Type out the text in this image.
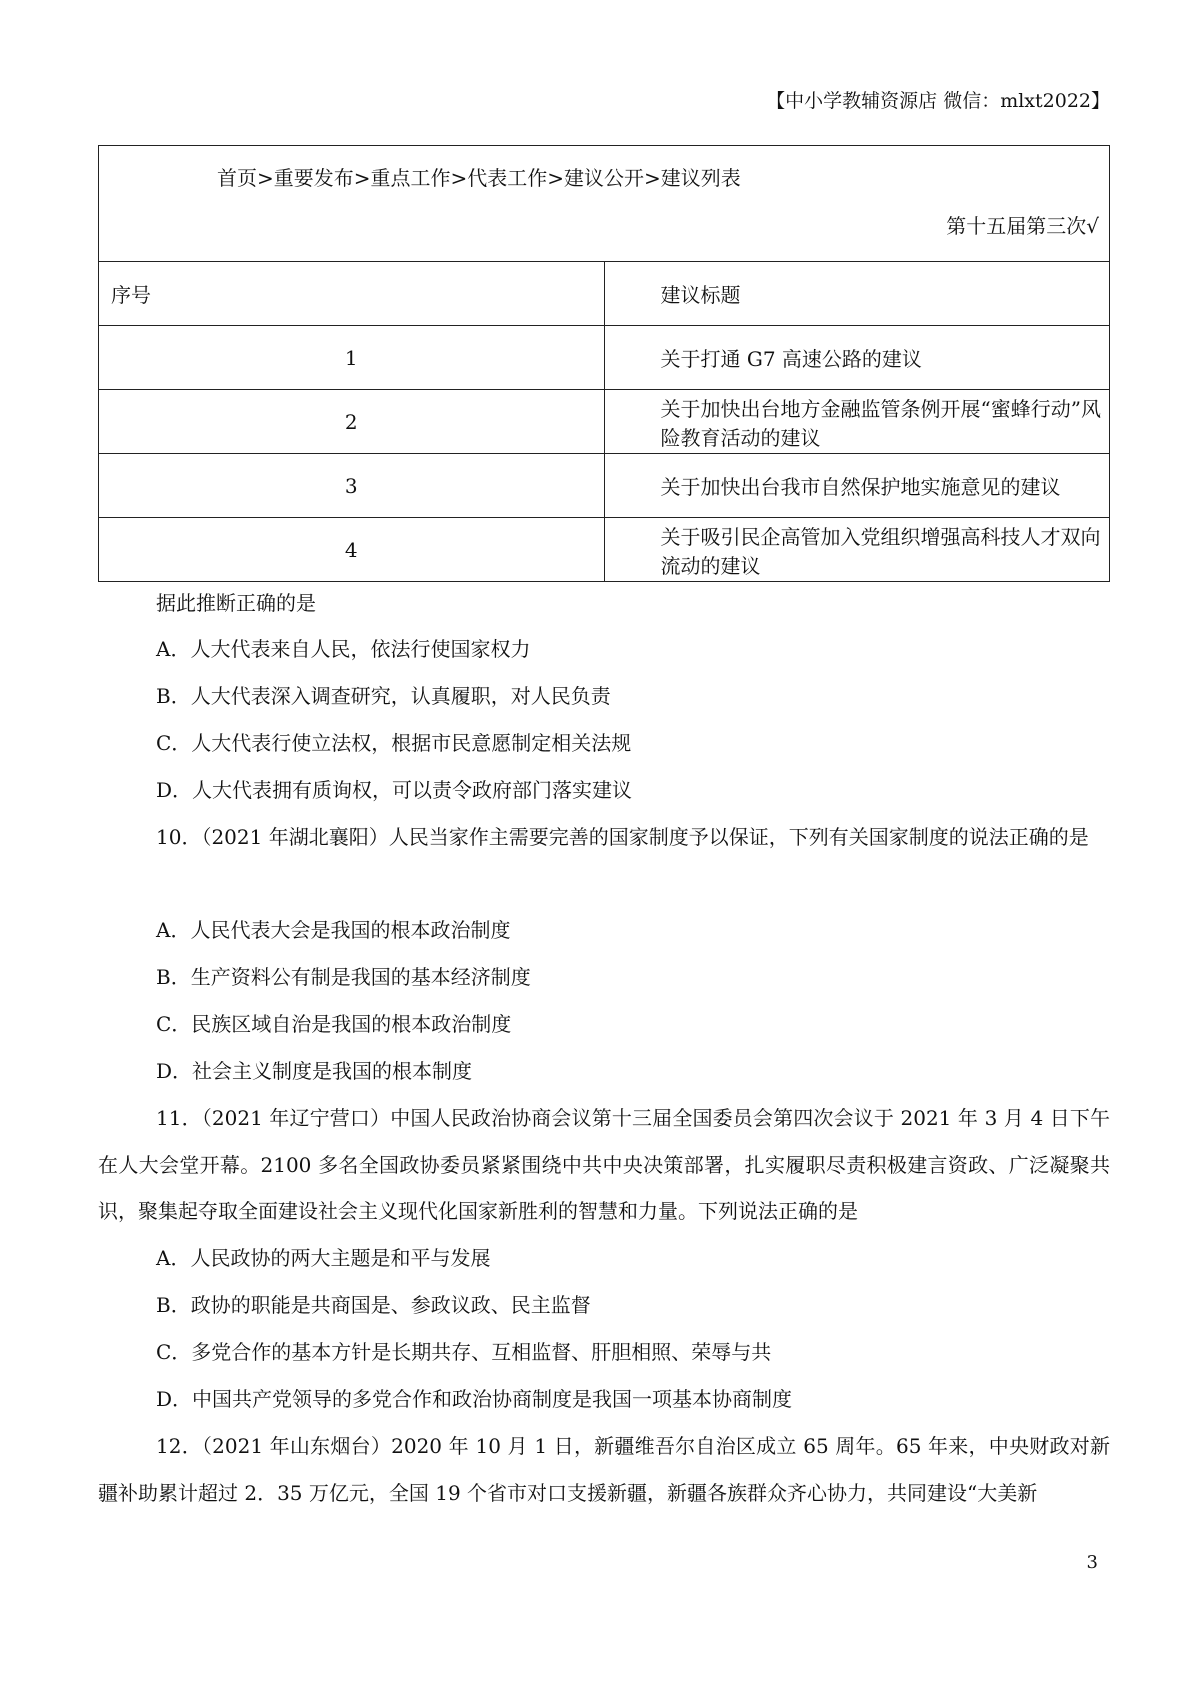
【中小学教辅资源店 微信：mlxt2022】
首页>重要发布>重点工作>代表工作>建议公开>建议列表
第十五届第三次√	

序号	建议标题
1	关于打通 G7 高速公路的建议
2	关于加快出台地方金融监管条例开展“蜜蜂行动”风险教育活动的建议
3	关于加快出台我市自然保护地实施意见的建议
4	关于吸引民企高管加入党组织增强高科技人才双向流动的建议
据此推断正确的是
A．人大代表来自人民，依法行使国家权力
B．人大代表深入调查研究，认真履职，对人民负责
C．人大代表行使立法权，根据市民意愿制定相关法规
D．人大代表拥有质询权，可以责令政府部门落实建议
10．（2021 年湖北襄阳）人民当家作主需要完善的国家制度予以保证，下列有关国家制度的说法正确的是
A．人民代表大会是我国的根本政治制度
B．生产资料公有制是我国的基本经济制度
C．民族区域自治是我国的根本政治制度
D．社会主义制度是我国的根本制度
11．（2021 年辽宁营口）中国人民政治协商会议第十三届全国委员会第四次会议于 2021 年 3 月 4 日下午在人大会堂开幕。2100 多名全国政协委员紧紧围绕中共中央决策部署，扎实履职尽责积极建言资政、广泛凝聚共识，聚集起夺取全面建设社会主义现代化国家新胜利的智慧和力量。下列说法正确的是
A．人民政协的两大主题是和平与发展
B．政协的职能是共商国是、参政议政、民主监督
C．多党合作的基本方针是长期共存、互相监督、肝胆相照、荣辱与共
D．中国共产党领导的多党合作和政治协商制度是我国一项基本协商制度
12．（2021 年山东烟台）2020 年 10 月 1 日，新疆维吾尔自治区成立 65 周年。65 年来，中央财政对新疆补助累计超过 2．35 万亿元，全国 19 个省市对口支援新疆，新疆各族群众齐心协力，共同建设“大美新
3
